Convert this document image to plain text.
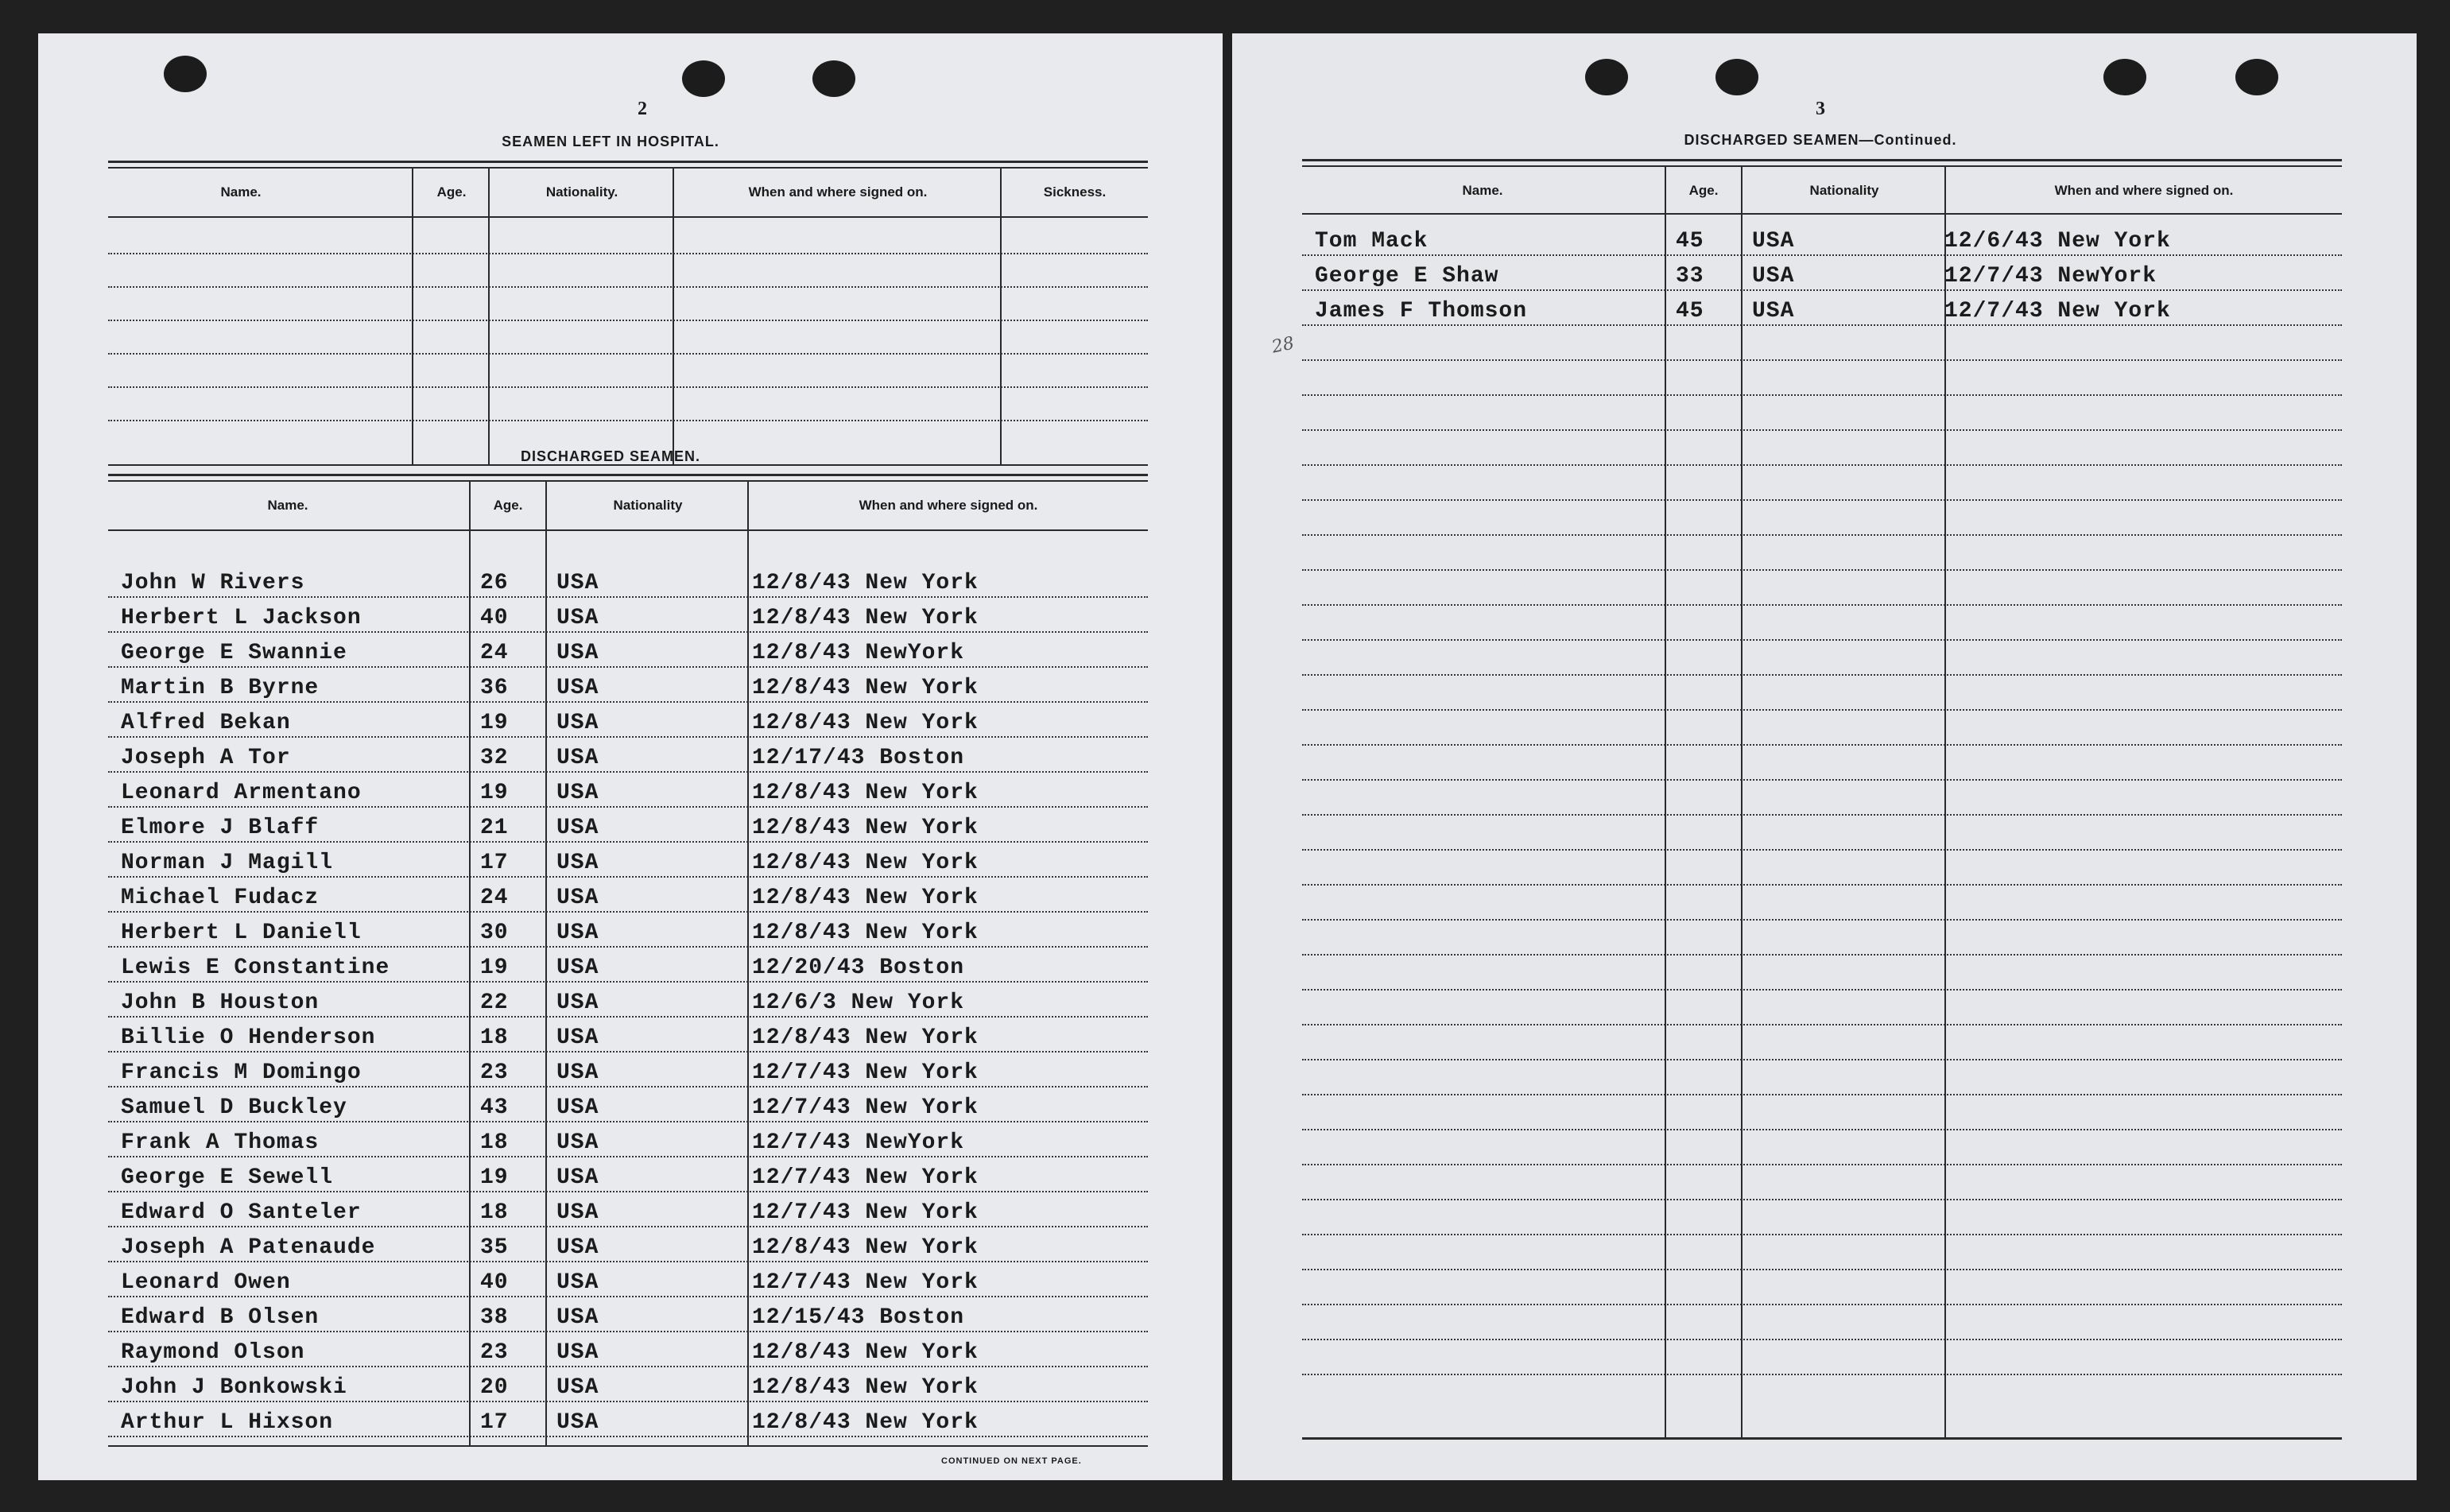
2
SEAMEN LEFT IN HOSPITAL.
Name.	Age.	Nationality.	When and where signed on.	Sickness.
DISCHARGED SEAMEN.
Name.	Age.	Nationality	When and where signed on.
John W Rivers	26 USA	12/8/43 New York
Herbert L Jackson	40 USA	12/8/43 New York
George E Swannie	24 USA	12/8/43 NewYork
Martin B Byrne	36 USA	12/8/43 New York
Alfred Bekan	19 USA	12/8/43 New York
Joseph A Tor	32 USA	12/17/43 Boston
Leonard Armentano	19 USA	12/8/43 New York
Elmore J Blaff	21 USA	12/8/43 New York
Norman J Magill	17 USA	12/8/43 New York
Michael Fudacz	24 USA	12/8/43 New York
Herbert L Daniell	30 USA	12/8/43 New York
Lewis E Constantine	19 USA	12/20/43 Boston
John B Houston	22 USA	12/6/3 New York
Billie O Henderson	18 USA	12/8/43 New York
Francis M Domingo	23 USA	12/7/43 New York
Samuel D Buckley	43 USA	12/7/43 New York
Frank A Thomas	18 USA	12/7/43 NewYork
George E Sewell	19 USA	12/7/43 New York
Edward O Santeler	18 USA	12/7/43 New York
Joseph A Patenaude	35 USA	12/8/43 New York
Leonard Owen	40 USA	12/7/43 New York
Edward B Olsen	38 USA	12/15/43 Boston
Raymond Olson	23 USA	12/8/43 New York
John J Bonkowski	20 USA	12/8/43 New York
Arthur L Hixson	17 USA	12/8/43 New York
CONTINUED ON NEXT PAGE.
3
DISCHARGED SEAMEN—Continued.
Name.	Age.	Nationality	When and where signed on.
Tom Mack	45 USA	12/6/43 New York
George E Shaw	33 USA	12/7/43 NewYork
James F Thomson	45 USA	12/7/43 New York
28
